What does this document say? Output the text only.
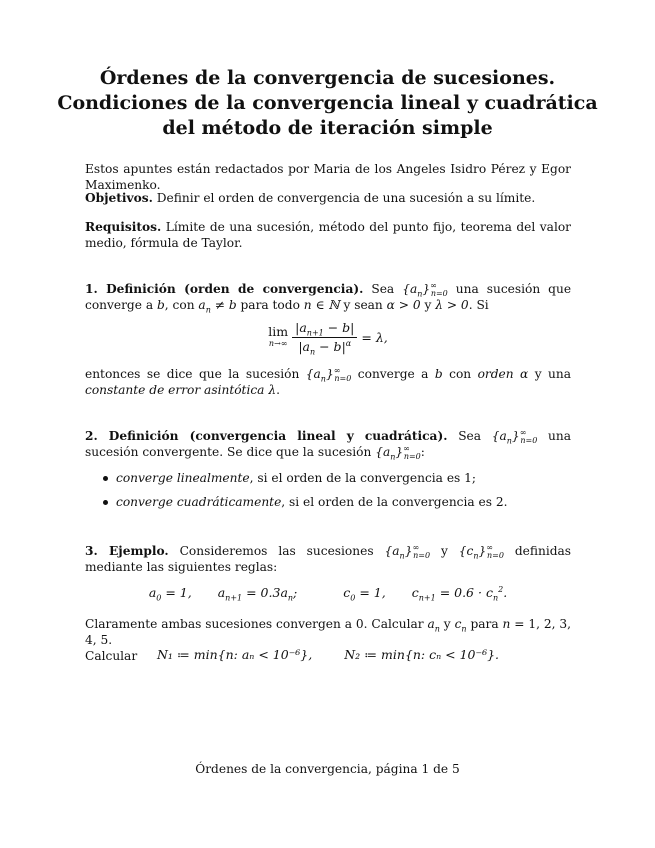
Órdenes de la convergencia de sucesiones.
Condiciones de la convergencia lineal y cuadrática
del método de iteración simple
Estos apuntes están redactados por Maria de los Angeles Isidro Pérez y Egor Maximenko.
Objetivos. Definir el orden de convergencia de una sucesión a su límite.
Requisitos. Límite de una sucesión, método del punto fijo, teorema del valor medio, fórmula de Taylor.
1. Definición (orden de convergencia). Sea $\{a_n\}^\infty_{n=0}$ una sucesión que converge a b, con $a_n \ne b$ para todo n ∈ ℕ y sean α > 0 y λ > 0. Si
lim
$n\to\infty \frac{|a_{n+1} - b|}{|a_n - b|^\alpha} = \lambda$,
entonces se dice que la sucesión $\{a_n\}^\infty_{n=0}$ converge a b con orden α y una constante de error asintótica λ.
2. Definición (convergencia lineal y cuadrática). Sea $\{a_n\}^\infty_{n=0}$ una sucesión convergente. Se dice que la sucesión $\{a_n\}^\infty_{n=0}$:
converge linealmente, si el orden de la convergencia es 1;
converge cuadráticamente, si el orden de la convergencia es 2.
3. Ejemplo. Consideremos las sucesiones $\{a_n\}^\infty_{n=0}$ y $\{c_n\}^\infty_{n=0}$ definidas mediante las siguientes reglas:
$a_0 = 1$, $a_{n+1} = 0.3a_n$;	$c_0 = 1$, $c_{n+1} = 0.6 \cdot c_n^2$.
Claramente ambas sucesiones convergen a 0. Calcular $a_n$ y $c_n$ para n = 1, 2, 3, 4, 5.
Calcular	N₁ ≔ min{n: aₙ < 10⁻⁶},	N₂ ≔ min{n: cₙ < 10⁻⁶}.
Órdenes de la convergencia, página 1 de 5
